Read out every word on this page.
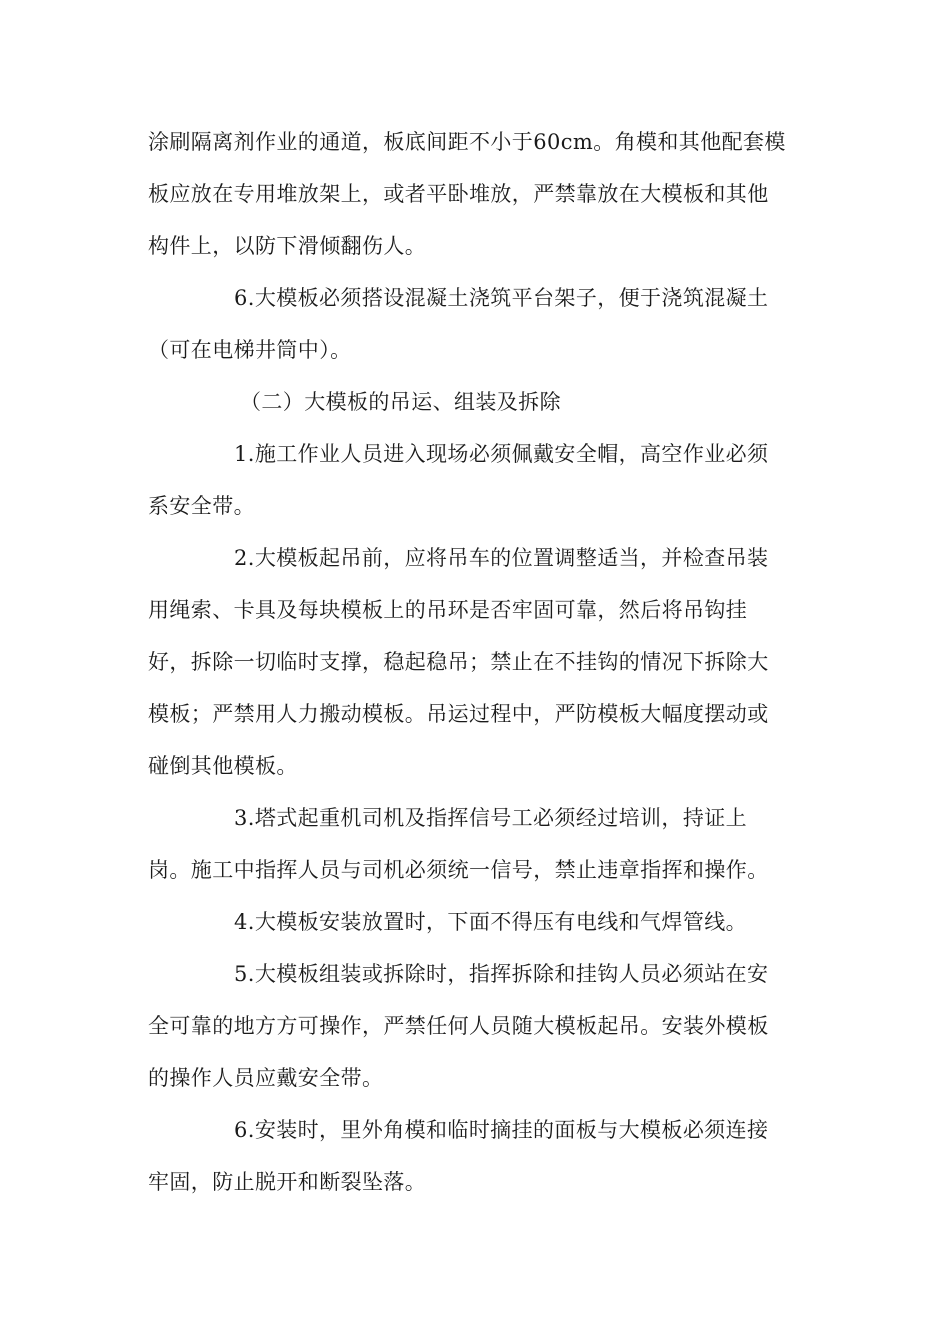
涂刷隔离剂作业的通道，板底间距不小于60cm。角模和其他配套模
板应放在专用堆放架上，或者平卧堆放，严禁靠放在大模板和其他
构件上，以防下滑倾翻伤人。
6.大模板必须搭设混凝土浇筑平台架子，便于浇筑混凝土
（可在电梯井筒中）。
（二）大模板的吊运、组装及拆除
1.施工作业人员进入现场必须佩戴安全帽，高空作业必须
系安全带。
2.大模板起吊前，应将吊车的位置调整适当，并检查吊装
用绳索、卡具及每块模板上的吊环是否牢固可靠，然后将吊钩挂
好，拆除一切临时支撑，稳起稳吊；禁止在不挂钩的情况下拆除大
模板；严禁用人力搬动模板。吊运过程中，严防模板大幅度摆动或
碰倒其他模板。
3.塔式起重机司机及指挥信号工必须经过培训，持证上
岗。施工中指挥人员与司机必须统一信号，禁止违章指挥和操作。
4.大模板安装放置时，下面不得压有电线和气焊管线。
5.大模板组装或拆除时，指挥拆除和挂钩人员必须站在安
全可靠的地方方可操作，严禁任何人员随大模板起吊。安装外模板
的操作人员应戴安全带。
6.安装时，里外角模和临时摘挂的面板与大模板必须连接
牢固，防止脱开和断裂坠落。
